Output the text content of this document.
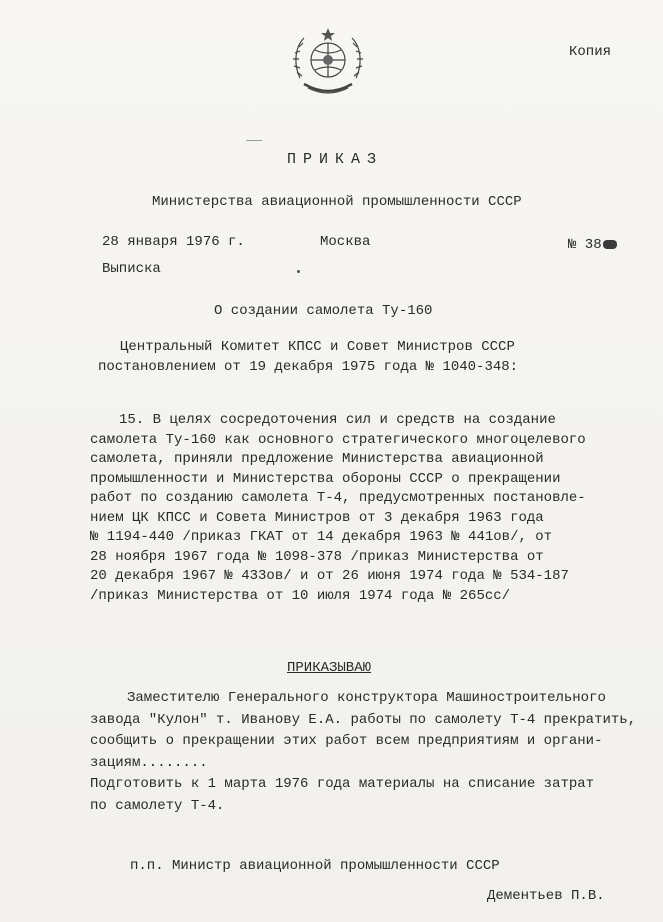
Копия
ПРИКАЗ
Министерства авиационной промышленности СССР
28 января 1976 г.	Москва	№ 38
Выписка
О создании самолета Ту-160
Центральный Комитет КПСС и Совет Министров СССР
постановлением от 19 декабря 1975 года № 1040-348:
15. В целях сосредоточения сил и средств на создание
самолета Ту-160 как основного стратегического многоцелевого
самолета, приняли предложение Министерства авиационной
промышленности и Министерства обороны СССР о прекращении
работ по созданию самолета Т-4, предусмотренных постановле-
нием ЦК КПСС и Совета Министров от 3 декабря 1963 года
№ 1194-440 /приказ ГКАТ от 14 декабря 1963 № 441ов/, от
28 ноября 1967 года № 1098-378 /приказ Министерства от
20 декабря 1967 № 433ов/ и от 26 июня 1974 года № 534-187
/приказ Министерства от 10 июля 1974 года № 265сс/
ПРИКАЗЫВАЮ
Заместителю Генерального конструктора Машиностроительного
завода "Кулон" т. Иванову Е.А. работы по самолету Т-4 прекратить,
сообщить о прекращении этих работ всем предприятиям и органи-
зациям........
Подготовить к 1 марта 1976 года материалы на списание затрат
по самолету Т-4.
п.п. Министр авиационной промышленности СССР
Дементьев П.В.
